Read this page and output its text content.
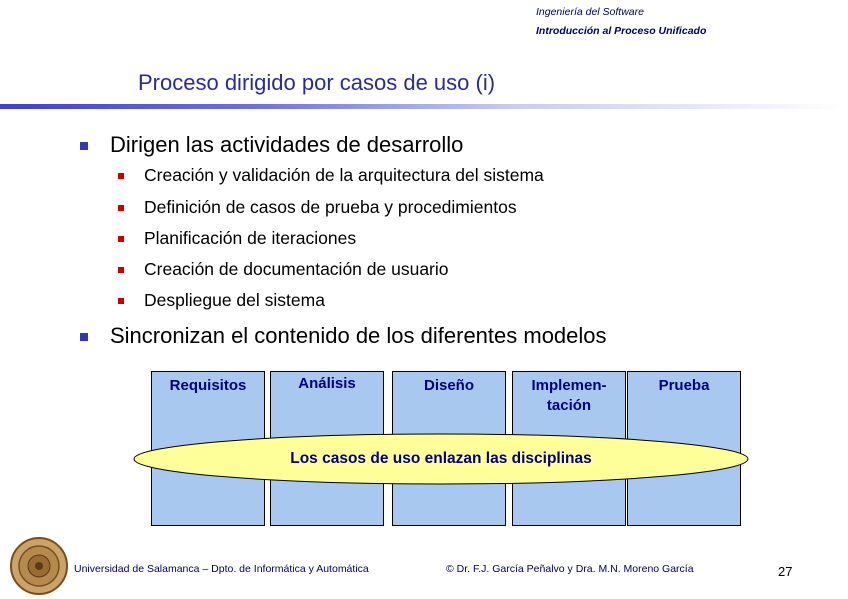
Ingeniería del Software
Introducción al Proceso Unificado
Proceso dirigido por casos de uso (i)
Dirigen las actividades de desarrollo
Creación y validación de la arquitectura del sistema
Definición de casos de prueba y procedimientos
Planificación de iteraciones
Creación de documentación de usuario
Despliegue del sistema
Sincronizan el contenido de los diferentes modelos
Requisitos	Análisis	Diseño	Implemen-
tación
Prueba
Los casos de uso enlazan las disciplinas
Universidad de Salamanca – Dpto. de Informática y Automática	© Dr. F.J. García Peñalvo y Dra. M.N. Moreno García	27
